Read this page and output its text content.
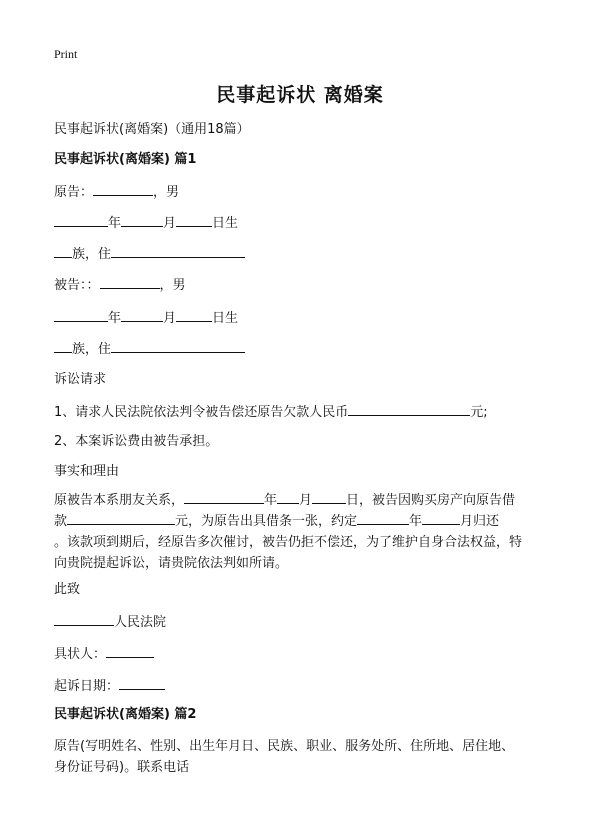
Print
民事起诉状 离婚案
民事起诉状(离婚案)（通用18篇）
民事起诉状(离婚案) 篇1
原告：	，男
年	月	日生
族，住
被告：：	，男
年	月	日生
族，住
诉讼请求
1、请求人民法院依法判令被告偿还原告欠款人民币	元;
2、本案诉讼费由被告承担。
事实和理由
原被告本系朋友关系，	年 月	日，被告因购买房产向原告借
款	元，为原告出具借条一张，约定	年	月归还
。该款项到期后，经原告多次催讨，被告仍拒不偿还，为了维护自身合法权益，特
向贵院提起诉讼，请贵院依法判如所请。
此致
人民法院
具状人：
起诉日期：
民事起诉状(离婚案) 篇2
原告(写明姓名、性别、出生年月日、民族、职业、服务处所、住所地、居住地、
身份证号码)。联系电话
